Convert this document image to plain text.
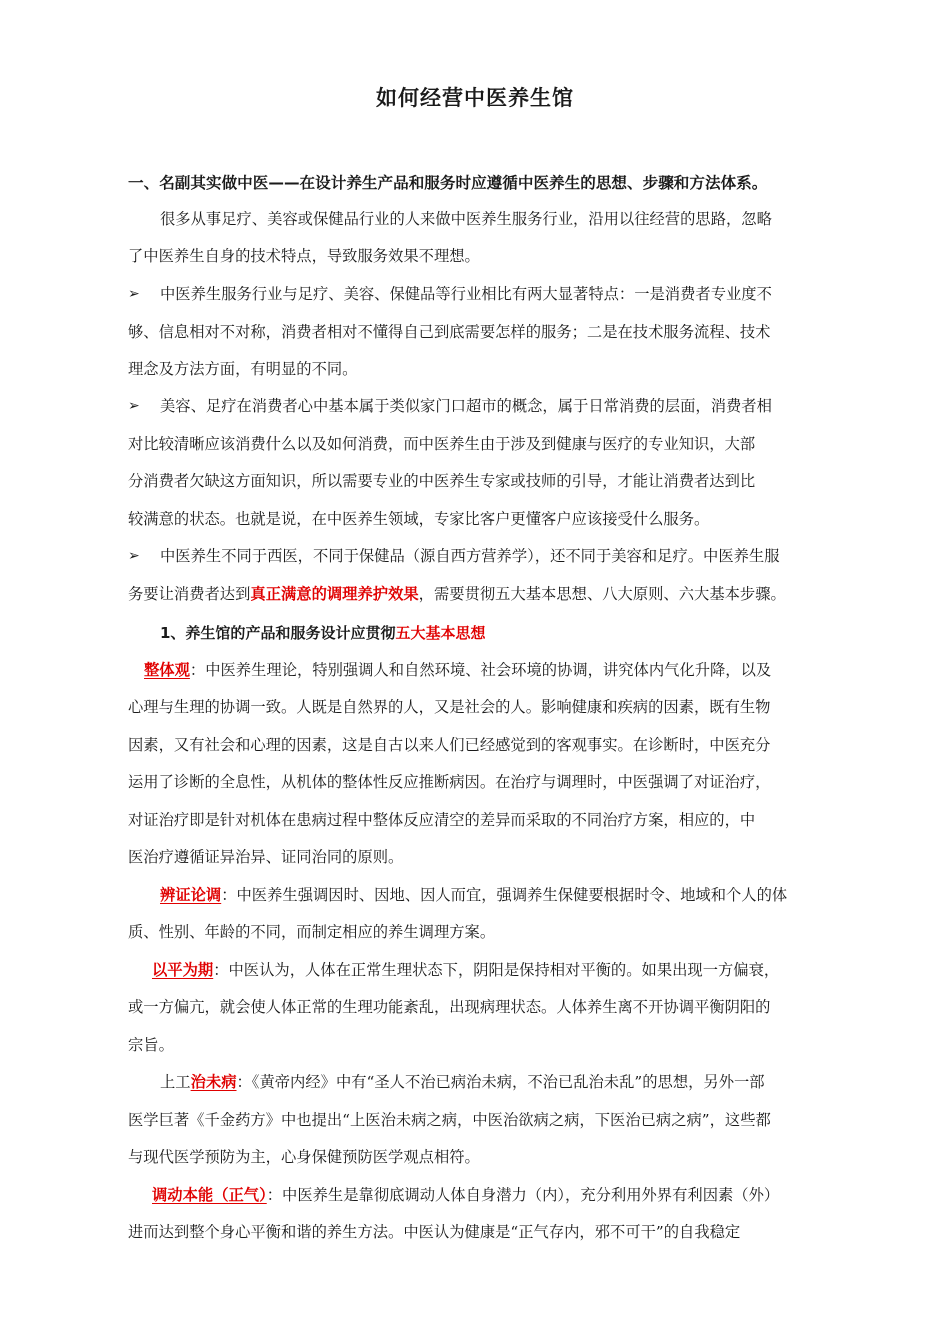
如何经营中医养生馆
一、名副其实做中医——在设计养生产品和服务时应遵循中医养生的思想、步骤和方法体系。
很多从事足疗、美容或保健品行业的人来做中医养生服务行业，沿用以往经营的思路，忽略
了中医养生自身的技术特点，导致服务效果不理想。
➢ 中医养生服务行业与足疗、美容、保健品等行业相比有两大显著特点：一是消费者专业度不
够、信息相对不对称，消费者相对不懂得自己到底需要怎样的服务；二是在技术服务流程、技术
理念及方法方面，有明显的不同。
➢ 美容、足疗在消费者心中基本属于类似家门口超市的概念，属于日常消费的层面，消费者相
对比较清晰应该消费什么以及如何消费，而中医养生由于涉及到健康与医疗的专业知识，大部
分消费者欠缺这方面知识，所以需要专业的中医养生专家或技师的引导，才能让消费者达到比
较满意的状态。也就是说，在中医养生领域，专家比客户更懂客户应该接受什么服务。
➢ 中医养生不同于西医，不同于保健品（源自西方营养学），还不同于美容和足疗。中医养生服
务要让消费者达到真正满意的调理养护效果，需要贯彻五大基本思想、八大原则、六大基本步骤。
1、养生馆的产品和服务设计应贯彻五大基本思想
整体观：中医养生理论，特别强调人和自然环境、社会环境的协调，讲究体内气化升降，以及
心理与生理的协调一致。人既是自然界的人，又是社会的人。影响健康和疾病的因素，既有生物
因素，又有社会和心理的因素，这是自古以来人们已经感觉到的客观事实。在诊断时，中医充分
运用了诊断的全息性，从机体的整体性反应推断病因。在治疗与调理时，中医强调了对证治疗，
对证治疗即是针对机体在患病过程中整体反应清空的差异而采取的不同治疗方案，相应的，中
医治疗遵循证异治异、证同治同的原则。
辨证论调：中医养生强调因时、因地、因人而宜，强调养生保健要根据时令、地域和个人的体
质、性别、年龄的不同，而制定相应的养生调理方案。
以平为期：中医认为，人体在正常生理状态下，阴阳是保持相对平衡的。如果出现一方偏衰，
或一方偏亢，就会使人体正常的生理功能紊乱，出现病理状态。人体养生离不开协调平衡阴阳的
宗旨。
上工治未病：《黄帝内经》中有“圣人不治已病治未病，不治已乱治未乱”的思想，另外一部
医学巨著《千金药方》中也提出“上医治未病之病，中医治欲病之病，下医治已病之病”，这些都
与现代医学预防为主，心身保健预防医学观点相符。
调动本能（正气）：中医养生是靠彻底调动人体自身潜力（内），充分利用外界有利因素（外）
进而达到整个身心平衡和谐的养生方法。中医认为健康是“正气存内，邪不可干”的自我稳定
